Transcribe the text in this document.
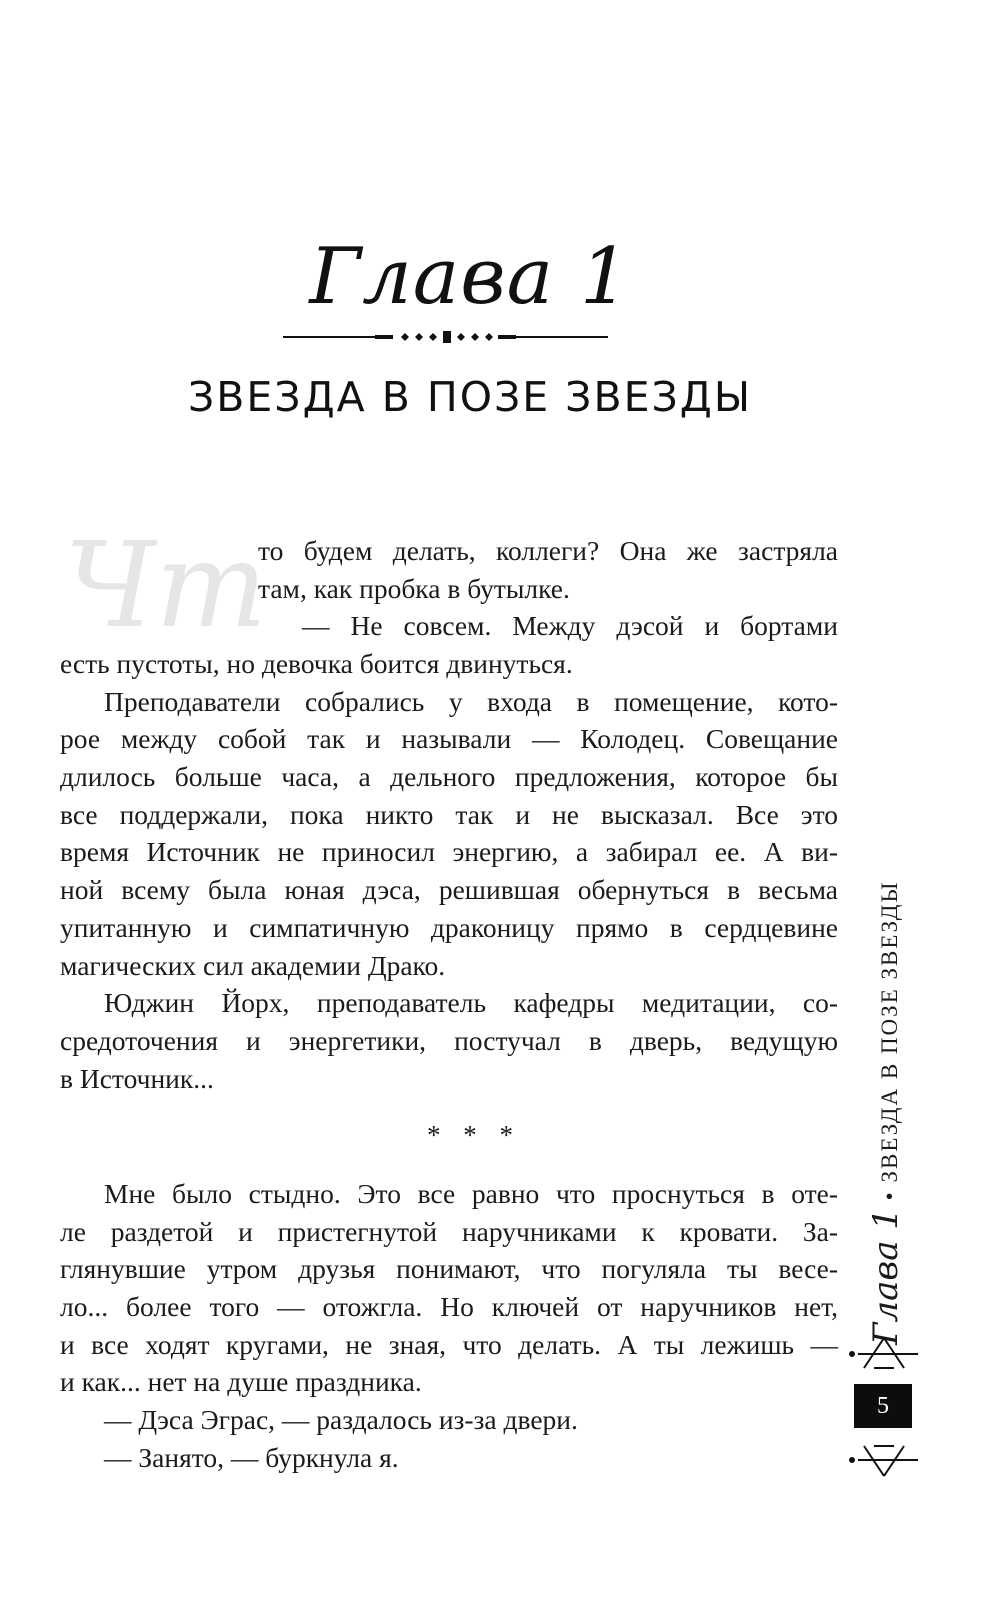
Глава 1
ЗВЕЗДА В ПОЗЕ ЗВЕЗДЫ
Чт
то будем делать, коллеги? Она же застряла
там, как пробка в бутылке.
— Не совсем. Между дэсой и бортами
есть пустоты, но девочка боится двинуться.
Преподаватели собрались у входа в помещение, кото-
рое между собой так и называли — Колодец. Совещание
длилось больше часа, а дельного предложения, которое бы
все поддержали, пока никто так и не высказал. Все это
время Источник не приносил энергию, а забирал ее. А ви-
ной всему была юная дэса, решившая обернуться в весьма
упитанную и симпатичную драконицу прямо в сердцевине
магических сил академии Драко.
Юджин Йорх, преподаватель кафедры медитации, со-
средоточения и энергетики, постучал в дверь, ведущую
в Источник...
* * *
Мне было стыдно. Это все равно что проснуться в оте-
ле раздетой и пристегнутой наручниками к кровати. За-
глянувшие утром друзья понимают, что погуляла ты весе-
ло... более того — отожгла. Но ключей от наручников нет,
и все ходят кругами, не зная, что делать. А ты лежишь —
и как... нет на душе праздника.
— Дэса Эграс, — раздалось из-за двери.
— Занято, — буркнула я.
Глава 1 • ЗВЕЗДА В ПОЗЕ ЗВЕЗДЫ
5
